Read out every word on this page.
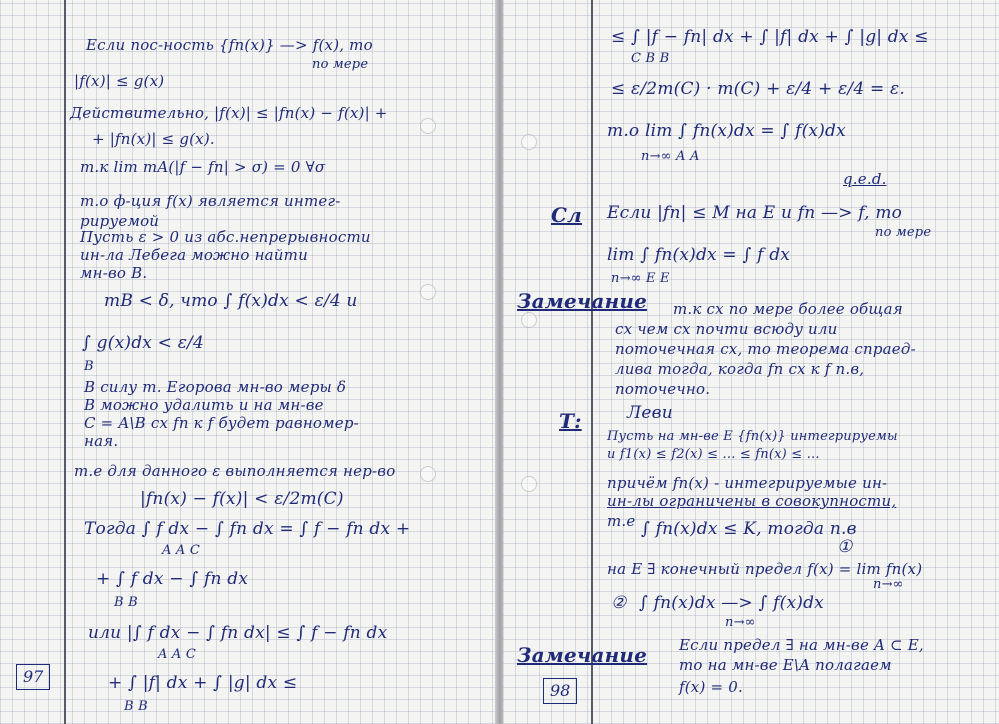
Если пос-ность {fn(x)} —> f(x), то
по мере
|f(x)| ≤ g(x)
Действительно, |f(x)| ≤ |fn(x) − f(x)| +
+ |fn(x)| ≤ g(x).
т.к lim mA(|f − fn| > σ) = 0 ∀σ
т.о ф-ция f(x) является интег-
рируемой
Пусть ε > 0 из абс.непрерывности
ин-ла Лебега можно найти
мн-во B.
mB < δ, что ∫ f(x)dx < ε/4 и
∫ g(x)dx < ε/4
B
В силу т. Егорова мн-во меры δ
B можно удалить и на мн-ве
C = A\B сх fn к f будет равномер-
ная.
т.е для данного ε выполняется нер-во
|fn(x) − f(x)| < ε/2m(C)
Тогда ∫ f dx − ∫ fn dx = ∫ f − fn dx +
A A C
+ ∫ f dx − ∫ fn dx
B B
или |∫ f dx − ∫ fn dx| ≤ ∫ f − fn dx
A A C
+ ∫ |f| dx + ∫ |g| dx ≤
B B
97
≤ ∫ |f − fn| dx + ∫ |f| dx + ∫ |g| dx ≤
C B B
≤ ε/2m(C) · m(C) + ε/4 + ε/4 = ε.
т.о lim ∫ fn(x)dx = ∫ f(x)dx
n→∞ A A
q.e.d.
Сл Если |fn| ≤ M на E и fn —> f, то
по мере
lim ∫ fn(x)dx = ∫ f dx
n→∞ E E
Замечание т.к сх по мере более общая
сх чем сх почти всюду или
поточечная сх, то теорема спраед-
лива тогда, когда fn сх к f п.в,
поточечно.
Т:	Леви
Пусть на мн-ве E {fn(x)} интегрируемы
и f1(x) ≤ f2(x) ≤ ... ≤ fn(x) ≤ ...
причём fn(x) - интегрируемые ин-
ин-лы ограничены в совокупности,
т.е ∫ fn(x)dx ≤ K, тогда п.в
①
на E ∃ конечный предел f(x) = lim fn(x)
n→∞
② ∫ fn(x)dx —> ∫ f(x)dx
n→∞
Замечание Если предел ∃ на мн-ве A ⊂ E,
то на мн-ве E\A полагаем
f(x) = 0.
98
